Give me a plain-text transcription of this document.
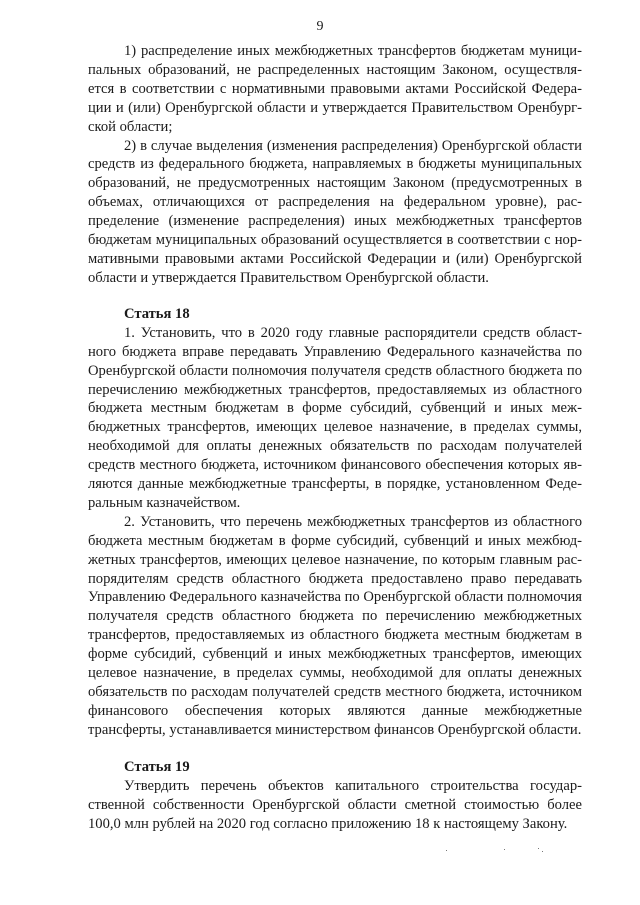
9

1) распределение иных межбюджетных трансфертов бюджетам муниципальных образований, не распределенных настоящим Законом, осуществляется в соответствии с нормативными правовыми актами Российской Федерации и (или) Оренбургской области и утверждается Правительством Оренбургской области;

2) в случае выделения (изменения распределения) Оренбургской области средств из федерального бюджета, направляемых в бюджеты муниципальных образований, не предусмотренных настоящим Законом (предусмотренных в объемах, отличающихся от распределения на федеральном уровне), распределение (изменение распределения) иных межбюджетных трансфертов бюджетам муниципальных образований осуществляется в соответствии с нормативными правовыми актами Российской Федерации и (или) Оренбургской области и утверждается Правительством Оренбургской области.

Статья 18

1. Установить, что в 2020 году главные распорядители средств областного бюджета вправе передавать Управлению Федерального казначейства по Оренбургской области полномочия получателя средств областного бюджета по перечислению межбюджетных трансфертов, предоставляемых из областного бюджета местным бюджетам в форме субсидий, субвенций и иных межбюджетных трансфертов, имеющих целевое назначение, в пределах суммы, необходимой для оплаты денежных обязательств по расходам получателей средств местного бюджета, источником финансового обеспечения которых являются данные межбюджетные трансферты, в порядке, установленном Федеральным казначейством.

2. Установить, что перечень межбюджетных трансфертов из областного бюджета местным бюджетам в форме субсидий, субвенций и иных межбюджетных трансфертов, имеющих целевое назначение, по которым главным распорядителям средств областного бюджета предоставлено право передавать Управлению Федерального казначейства по Оренбургской области полномочия получателя средств областного бюджета по перечислению межбюджетных трансфертов, предоставляемых из областного бюджета местным бюджетам в форме субсидий, субвенций и иных межбюджетных трансфертов, имеющих целевое назначение, в пределах суммы, необходимой для оплаты денежных обязательств по расходам получателей средств местного бюджета, источником финансового обеспечения которых являются данные межбюджетные трансферты, устанавливается министерством финансов Оренбургской области.

Статья 19

Утвердить перечень объектов капитального строительства государственной собственности Оренбургской области сметной стоимостью более 100,0 млн рублей на 2020 год согласно приложению 18 к настоящему Закону.
